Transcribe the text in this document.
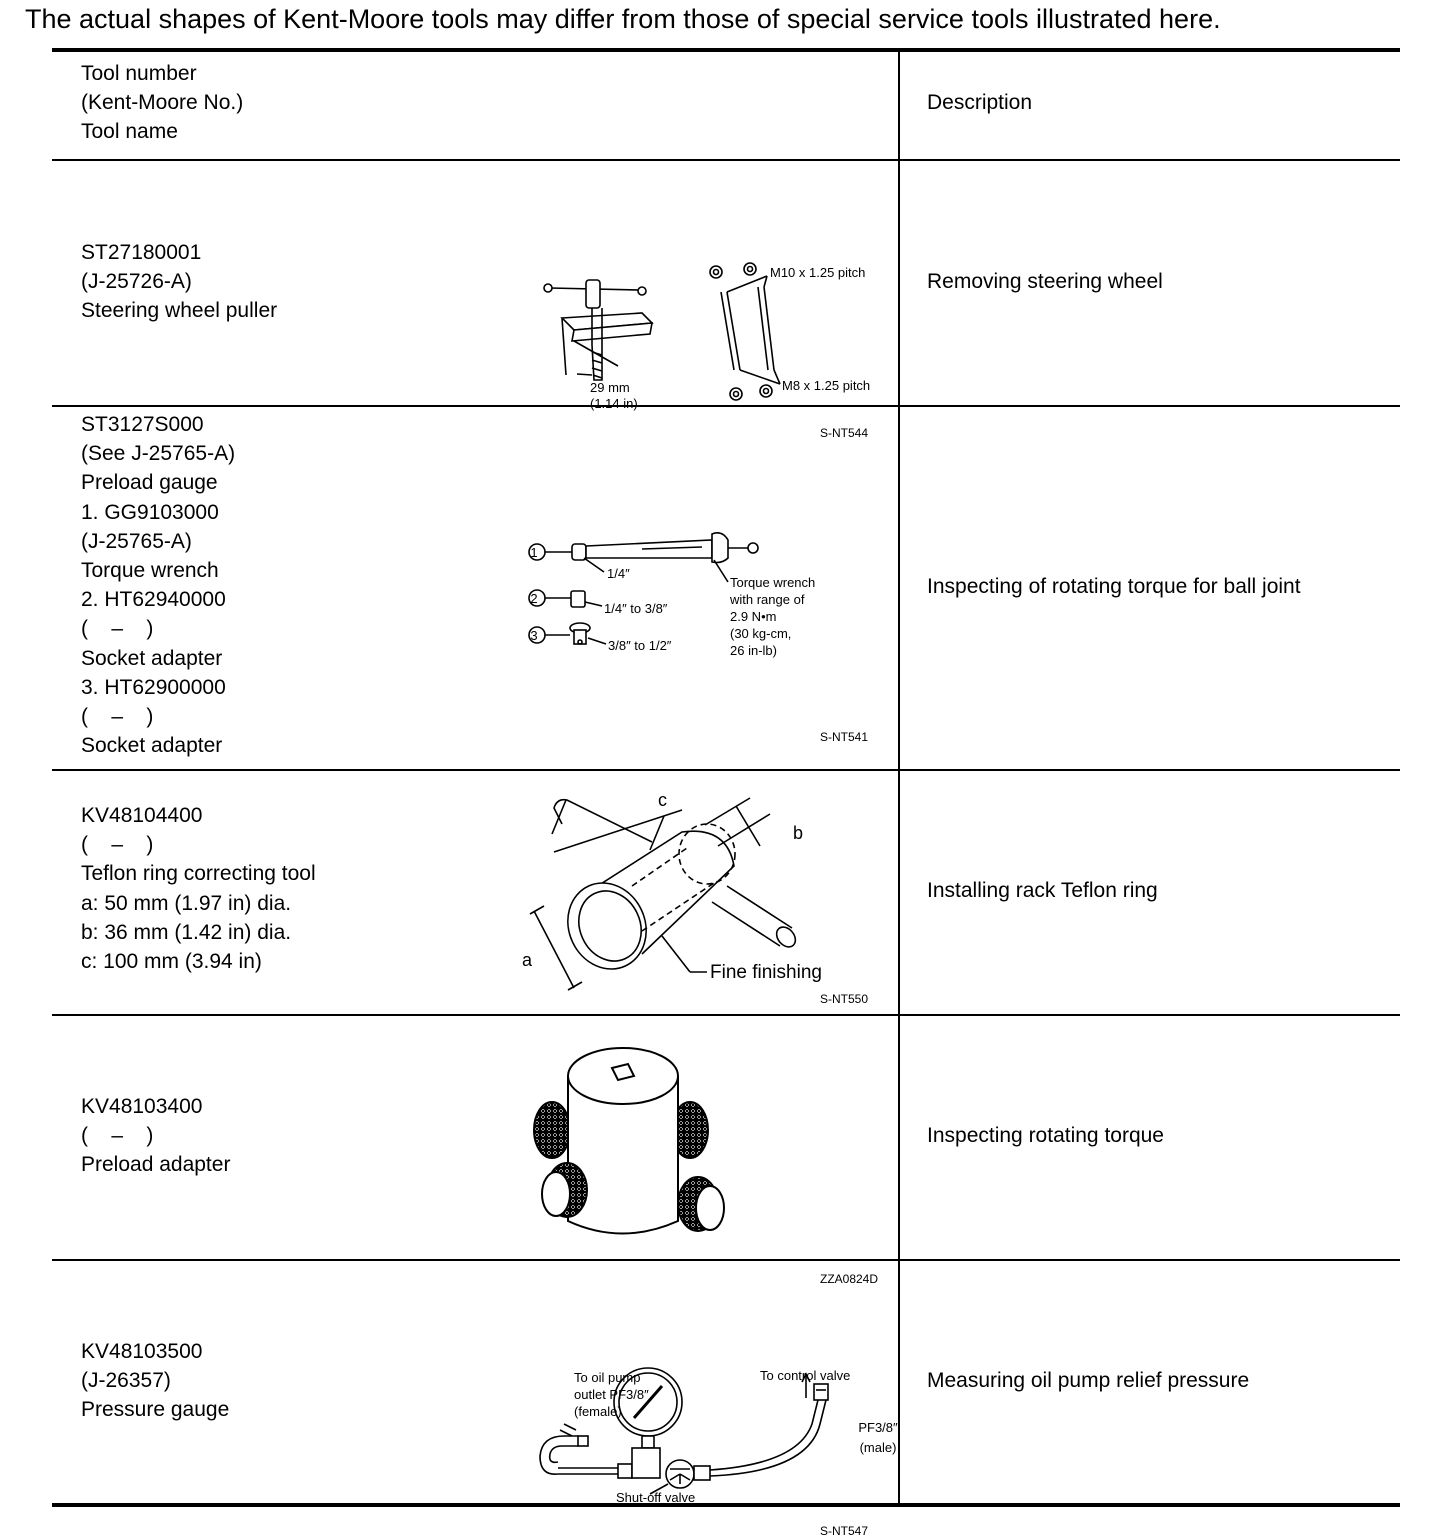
The actual shapes of Kent-Moore tools may differ from those of special service tools illustrated here.
Tool number
(Kent-Moore No.)
Tool name
Description
ST27180001
(J-25726-A)
Steering wheel puller
Removing steering wheel
M10 x 1.25 pitch
M8 x 1.25 pitch
29 mm
(1.14 in)
S-NT544
ST3127S000
(See J-25765-A)
Preload gauge
1. GG9103000
(J-25765-A)
Torque wrench
2. HT62940000
(    –    )
Socket adapter
3. HT62900000
(    –    )
Socket adapter
Inspecting of rotating torque for ball joint
1
2
3
1/4″
1/4″ to 3/8″
3/8″ to 1/2″
Torque wrench
with range of
2.9 N•m
(30 kg-cm,
26 in-lb)
S-NT541
KV48104400
(    –    )
Teflon ring correcting tool
a: 50 mm (1.97 in) dia.
b: 36 mm (1.42 in) dia.
c: 100 mm (3.94 in)
Installing rack Teflon ring
a
b
c
Fine finishing
S-NT550
KV48103400
(    –    )
Preload adapter
Inspecting rotating torque
ZZA0824D
KV48103500
(J-26357)
Pressure gauge
Measuring oil pump relief pressure
To oil pump
outlet PF3/8″
(female)
To control valve
PF3/8″
(male)
Shut-off valve
S-NT547
